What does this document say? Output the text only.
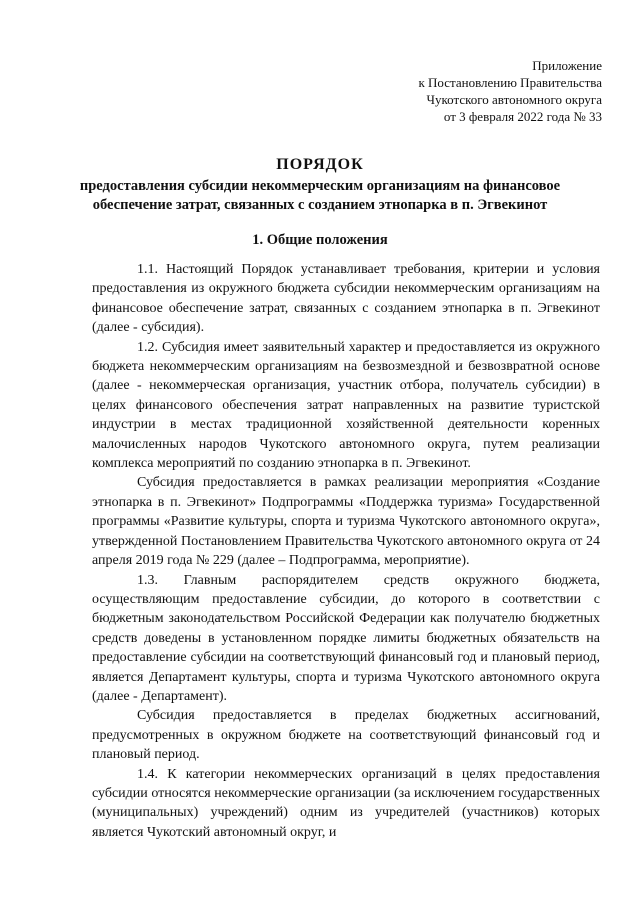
Приложение
к Постановлению Правительства
Чукотского автономного округа
от 3 февраля 2022 года № 33
ПОРЯДОК
предоставления субсидии некоммерческим организациям на финансовое обеспечение затрат, связанных с созданием этнопарка в п. Эгвекинот
1. Общие положения

1.1. Настоящий Порядок устанавливает требования, критерии и условия предоставления из окружного бюджета субсидии некоммерческим организациям на финансовое обеспечение затрат, связанных с созданием этнопарка в п. Эгвекинот (далее - субсидия).

1.2. Субсидия имеет заявительный характер и предоставляется из окружного бюджета некоммерческим организациям на безвозмездной и безвозвратной основе (далее - некоммерческая организация, участник отбора, получатель субсидии) в целях финансового обеспечения затрат направленных на развитие туристской индустрии в местах традиционной хозяйственной деятельности коренных малочисленных народов Чукотского автономного округа, путем реализации комплекса мероприятий по созданию этнопарка в п. Эгвекинот.

Субсидия предоставляется в рамках реализации мероприятия «Создание этнопарка в п. Эгвекинот» Подпрограммы «Поддержка туризма» Государственной программы «Развитие культуры, спорта и туризма Чукотского автономного округа», утвержденной Постановлением Правительства Чукотского автономного округа от 24 апреля 2019 года № 229 (далее – Подпрограмма, мероприятие).

1.3. Главным распорядителем средств окружного бюджета, осуществляющим предоставление субсидии, до которого в соответствии с бюджетным законодательством Российской Федерации как получателю бюджетных средств доведены в установленном порядке лимиты бюджетных обязательств на предоставление субсидии на соответствующий финансовый год и плановый период, является Департамент культуры, спорта и туризма Чукотского автономного округа (далее - Департамент).

Субсидия предоставляется в пределах бюджетных ассигнований, предусмотренных в окружном бюджете на соответствующий финансовый год и плановый период.

1.4. К категории некоммерческих организаций в целях предоставления субсидии относятся некоммерческие организации (за исключением государственных (муниципальных) учреждений) одним из учредителей (участников) которых является Чукотский автономный округ, и
